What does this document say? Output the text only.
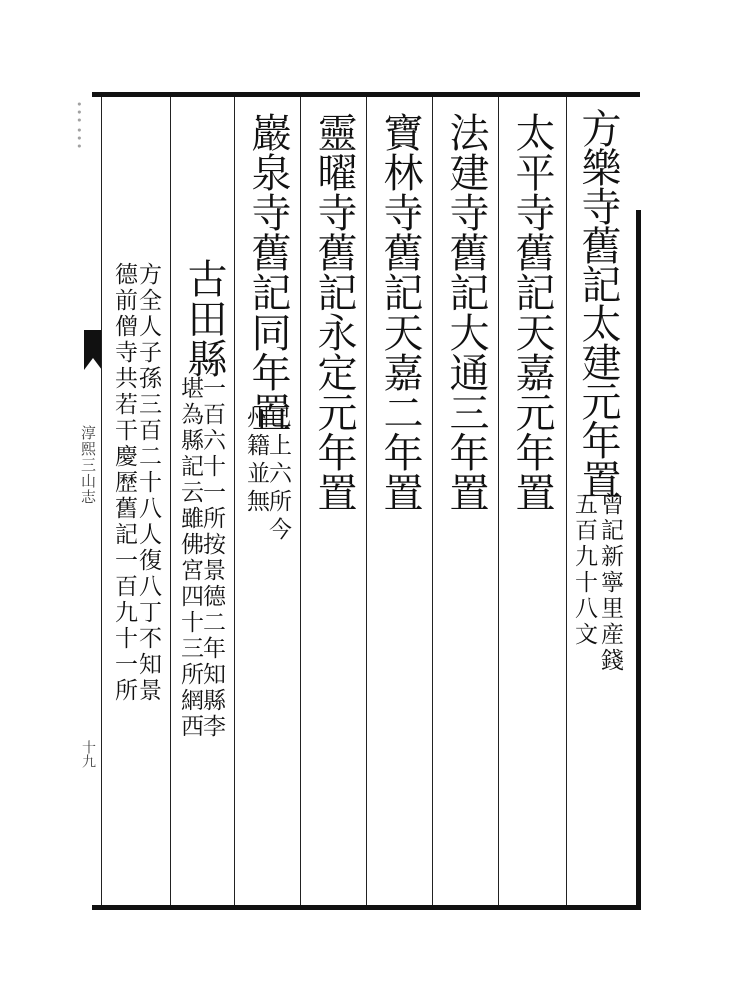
……
淳熙三山志
十九
方樂寺舊記太建元年置
曾記新寧里産錢
五百九十八文
太平寺舊記天嘉元年置
法建寺舊記大通三年置
寶林寺舊記天嘉二年置
靈曜寺舊記永定元年置
巖泉寺舊記同年置
已上六所今
州籍並無
古田縣
一百六十一所按景德二年知縣李
堪為縣記云雖佛宮四十三所網西
方全人子孫三百二十八人復八丁不知景
德前僧寺共若干慶歷舊記一百九十一所
